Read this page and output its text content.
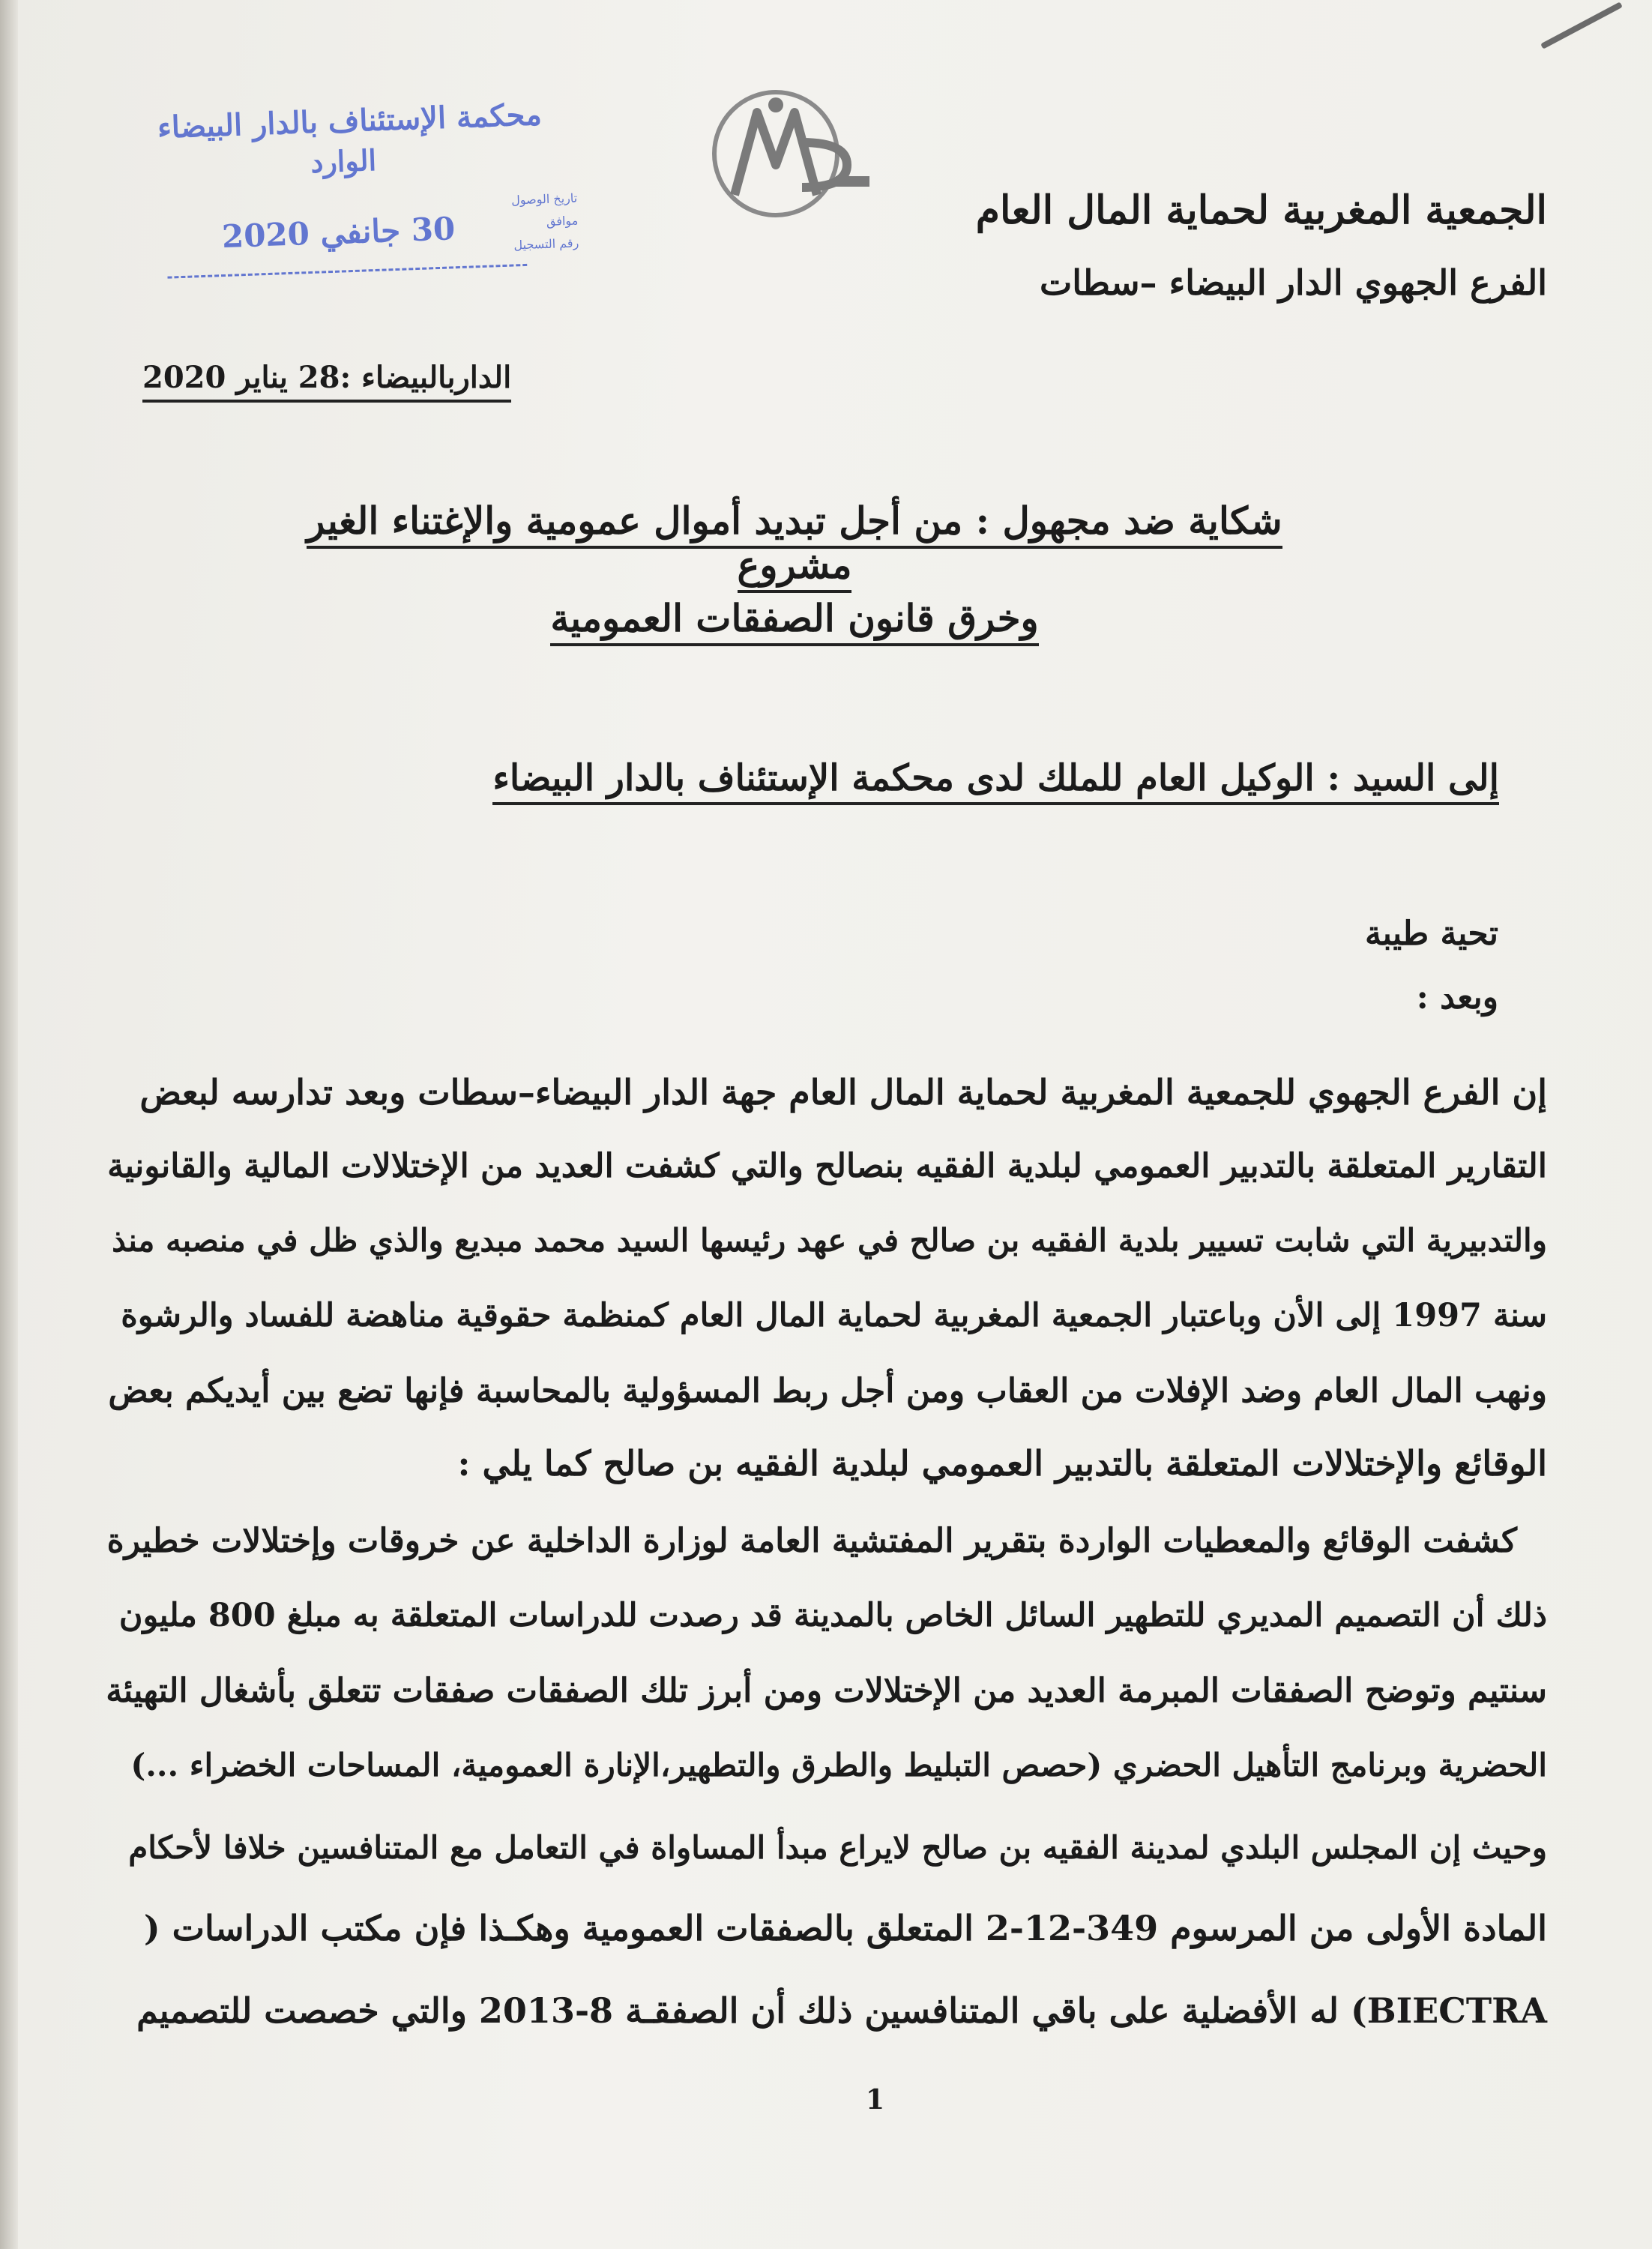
محكمة الإستئناف بالدار البيضاء
الوارد
تاريخ الوصول
موافق
رقم التسجيل
30 جانفي 2020	الجمعية المغربية لحماية المال العام
الفرع الجهوي الدار البيضاء –سطات
الداربالبيضاء :28 يناير 2020
شكاية ضد مجهول : من أجل تبديد أموال عمومية والإغتناء الغير مشروع
وخرق قانون الصفقات العمومية
إلى السيد : الوكيل العام للملك لدى محكمة الإستئناف بالدار البيضاء
تحية طيبة
وبعد :
إن الفرع الجهوي للجمعية المغربية لحماية المال العام جهة الدار البيضاء–سطات وبعد تدارسه لبعض
التقارير المتعلقة بالتدبير العمومي لبلدية الفقيه بنصالح والتي كشفت العديد من الإختلالات المالية والقانونية
والتدبيرية التي شابت تسيير بلدية الفقيه بن صالح في عهد رئيسها السيد محمد مبديع والذي ظل في منصبه منذ
سنة 1997 إلى الأن وباعتبار الجمعية المغربية لحماية المال العام كمنظمة حقوقية مناهضة للفساد والرشوة
ونهب المال العام وضد الإفلات من العقاب ومن أجل ربط المسؤولية بالمحاسبة فإنها تضع بين أيديكم بعض
الوقائع والإختلالات المتعلقة بالتدبير العمومي لبلدية الفقيه بن صالح كما يلي :
كشفت الوقائع والمعطيات الواردة بتقرير المفتشية العامة لوزارة الداخلية عن خروقات وإختلالات خطيرة
ذلك أن التصميم المديري للتطهير السائل الخاص بالمدينة قد رصدت للدراسات المتعلقة به مبلغ 800 مليون
سنتيم وتوضح الصفقات المبرمة العديد من الإختلالات ومن أبرز تلك الصفقات صفقات تتعلق بأشغال التهيئة
الحضرية وبرنامج التأهيل الحضري (حصص التبليط والطرق والتطهير،الإنارة العمومية، المساحات الخضراء ...)
وحيث إن المجلس البلدي لمدينة الفقيه بن صالح لايراع مبدأ المساواة في التعامل مع المتنافسين خلافا لأحكام
المادة الأولى من المرسوم 349-12-2 المتعلق بالصفقات العمومية وهكـذا فإن مكتب الدراسات (
BIECTRA) له الأفضلية على باقي المتنافسين ذلك أن الصفقـة 8-2013 والتي خصصت للتصميم
1
